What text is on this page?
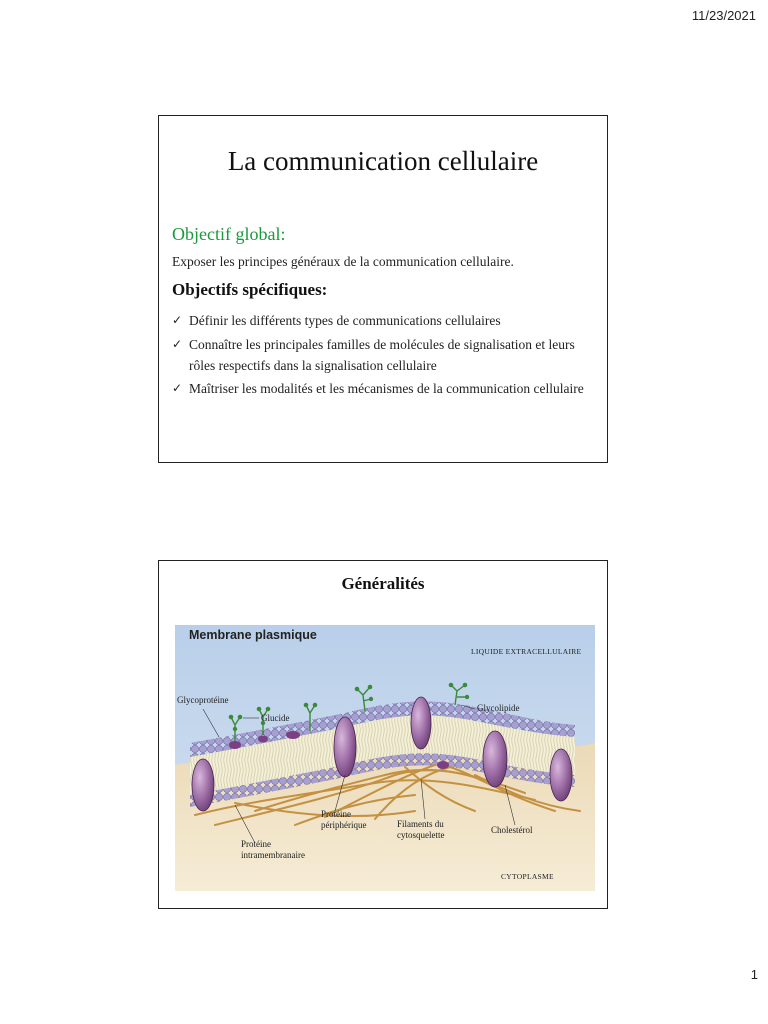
11/23/2021
La communication cellulaire
Objectif global:
Exposer les principes généraux de la communication cellulaire.
Objectifs spécifiques:
✓ Définir les différents types de communications cellulaires
✓ Connaître les principales familles de molécules de signalisation et leurs rôles respectifs dans la signalisation cellulaire
✓ Maîtriser les modalités et les mécanismes de la communication cellulaire
Généralités
Membrane plasmique
LIQUIDE EXTRACELLULAIRE
Glycoprotéine
Glucide
Glycolipide
Protéine périphérique	Filaments du cytosquelette	Cholestérol
Protéine intramembranaire
CYTOPLASME
1
